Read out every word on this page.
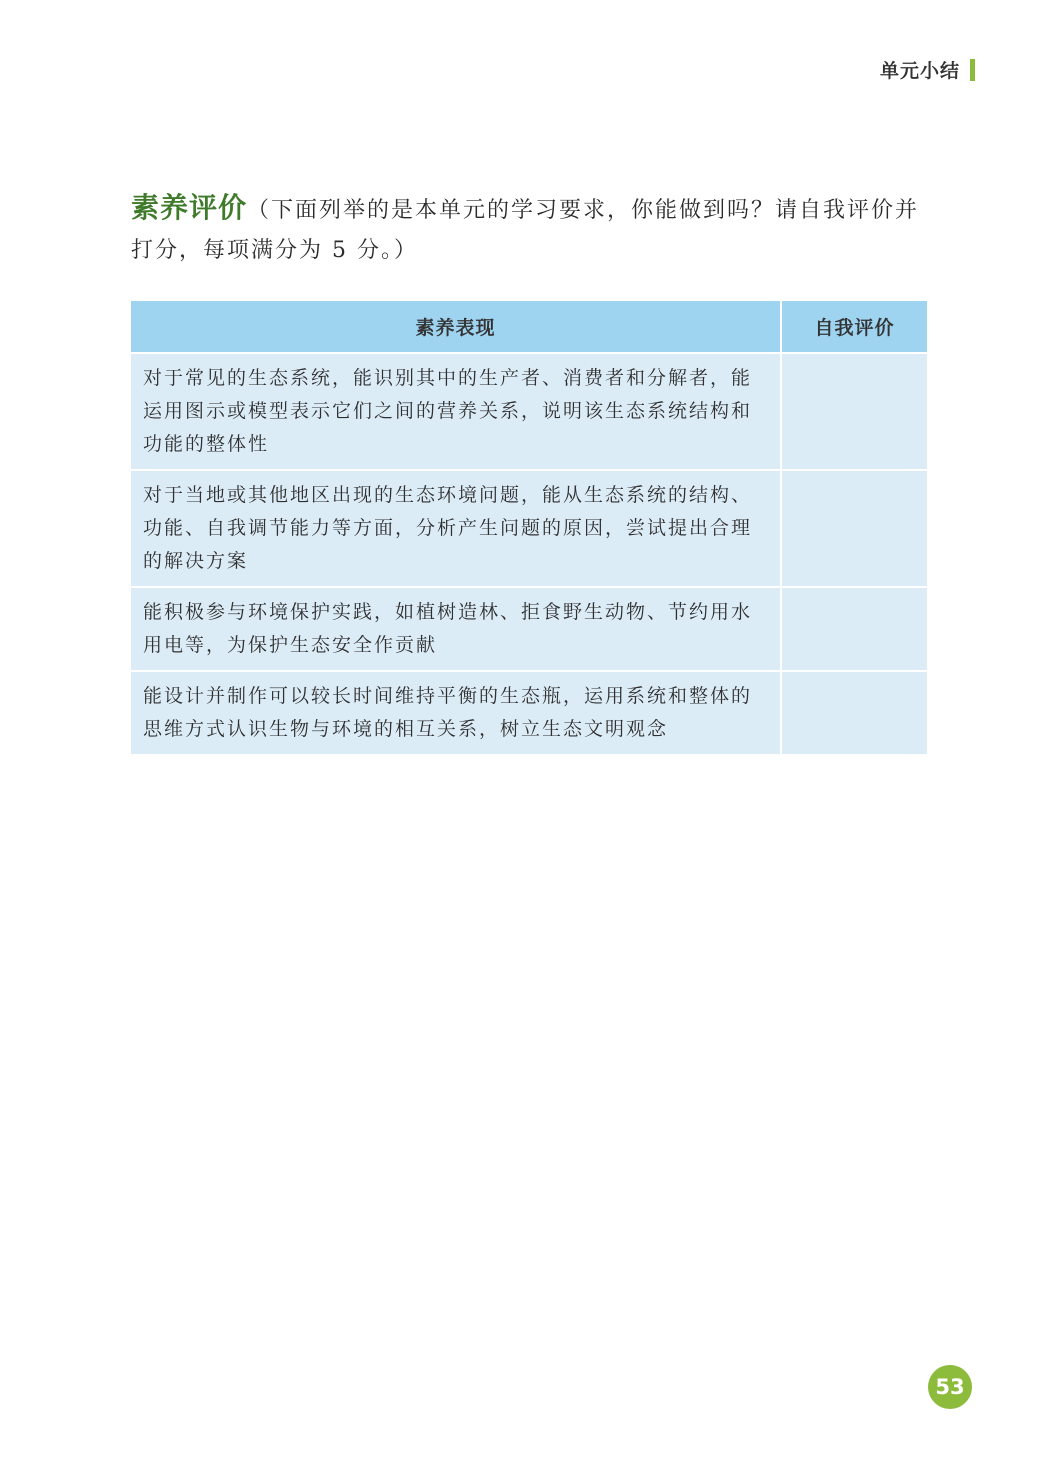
单元小结
素养评价（下面列举的是本单元的学习要求，你能做到吗？请自我评价并打分，每项满分为 5 分。）
素养表现	自我评价
对于常见的生态系统，能识别其中的生产者、消费者和分解者，能运用图示或模型表示它们之间的营养关系，说明该生态系统结构和功能的整体性	
对于当地或其他地区出现的生态环境问题，能从生态系统的结构、功能、自我调节能力等方面，分析产生问题的原因，尝试提出合理的解决方案	
能积极参与环境保护实践，如植树造林、拒食野生动物、节约用水用电等，为保护生态安全作贡献	
能设计并制作可以较长时间维持平衡的生态瓶，运用系统和整体的思维方式认识生物与环境的相互关系，树立生态文明观念	
53
